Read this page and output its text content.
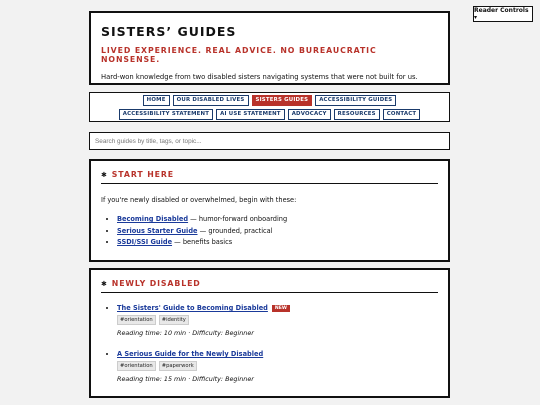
Reader Controls ▾
SISTERS’ GUIDES
LIVED EXPERIENCE. REAL ADVICE. NO BUREAUCRATIC NONSENSE.
Hard-won knowledge from two disabled sisters navigating systems that were not built for us.
HOME	OUR DISABLED LIVES	SISTERS GUIDES	ACCESSIBILITY GUIDES
ACCESSIBILITY STATEMENT	AI USE STATEMENT	ADVOCACY	RESOURCES	CONTACT
Search guides by title, tags, or topic...
✱ START HERE
If you're newly disabled or overwhelmed, begin with these:
• Becoming Disabled — humor-forward onboarding
• Serious Starter Guide — grounded, practical
• SSDI/SSI Guide — benefits basics
✱ NEWLY DISABLED
• The Sisters' Guide to Becoming Disabled	NEW
#orientation	#identity
Reading time: 10 min · Difficulty: Beginner
• A Serious Guide for the Newly Disabled
#orientation	#paperwork
Reading time: 15 min · Difficulty: Beginner
